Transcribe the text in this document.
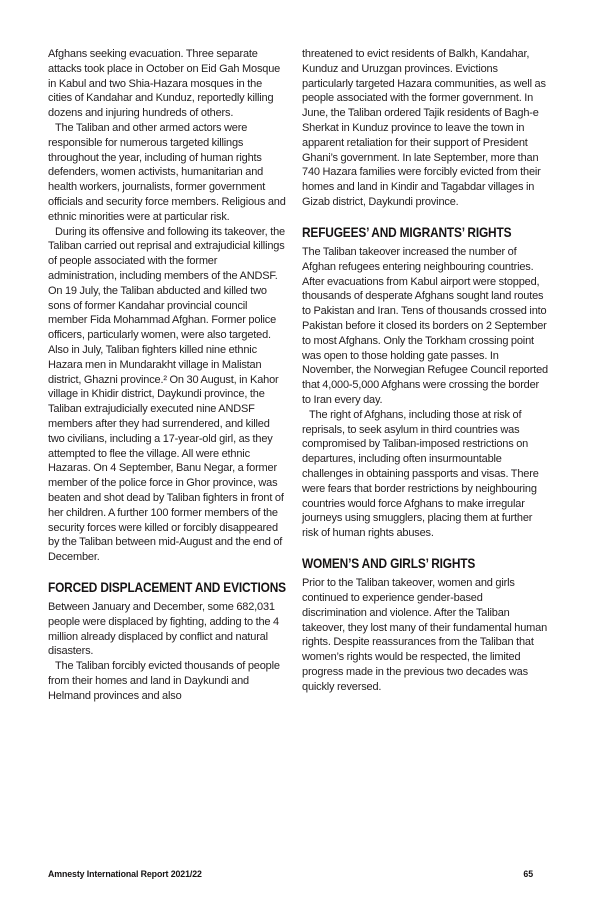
Afghans seeking evacuation. Three separate attacks took place in October on Eid Gah Mosque in Kabul and two Shia-Hazara mosques in the cities of Kandahar and Kunduz, reportedly killing dozens and injuring hundreds of others.

The Taliban and other armed actors were responsible for numerous targeted killings throughout the year, including of human rights defenders, women activists, humanitarian and health workers, journalists, former government officials and security force members. Religious and ethnic minorities were at particular risk.

During its offensive and following its takeover, the Taliban carried out reprisal and extrajudicial killings of people associated with the former administration, including members of the ANDSF. On 19 July, the Taliban abducted and killed two sons of former Kandahar provincial council member Fida Mohammad Afghan. Former police officers, particularly women, were also targeted. Also in July, Taliban fighters killed nine ethnic Hazara men in Mundarakht village in Malistan district, Ghazni province.² On 30 August, in Kahor village in Khidir district, Daykundi province, the Taliban extrajudicially executed nine ANDSF members after they had surrendered, and killed two civilians, including a 17-year-old girl, as they attempted to flee the village. All were ethnic Hazaras. On 4 September, Banu Negar, a former member of the police force in Ghor province, was beaten and shot dead by Taliban fighters in front of her children. A further 100 former members of the security forces were killed or forcibly disappeared by the Taliban between mid-August and the end of December.

FORCED DISPLACEMENT AND EVICTIONS

Between January and December, some 682,031 people were displaced by fighting, adding to the 4 million already displaced by conflict and natural disasters.

The Taliban forcibly evicted thousands of people from their homes and land in Daykundi and Helmand provinces and also

threatened to evict residents of Balkh, Kandahar, Kunduz and Uruzgan provinces. Evictions particularly targeted Hazara communities, as well as people associated with the former government. In June, the Taliban ordered Tajik residents of Bagh-e Sherkat in Kunduz province to leave the town in apparent retaliation for their support of President Ghani’s government. In late September, more than 740 Hazara families were forcibly evicted from their homes and land in Kindir and Tagabdar villages in Gizab district, Daykundi province.

REFUGEES’ AND MIGRANTS’ RIGHTS

The Taliban takeover increased the number of Afghan refugees entering neighbouring countries. After evacuations from Kabul airport were stopped, thousands of desperate Afghans sought land routes to Pakistan and Iran. Tens of thousands crossed into Pakistan before it closed its borders on 2 September to most Afghans. Only the Torkham crossing point was open to those holding gate passes. In November, the Norwegian Refugee Council reported that 4,000-5,000 Afghans were crossing the border to Iran every day.

The right of Afghans, including those at risk of reprisals, to seek asylum in third countries was compromised by Taliban-imposed restrictions on departures, including often insurmountable challenges in obtaining passports and visas. There were fears that border restrictions by neighbouring countries would force Afghans to make irregular journeys using smugglers, placing them at further risk of human rights abuses.

WOMEN’S AND GIRLS’ RIGHTS

Prior to the Taliban takeover, women and girls continued to experience gender-based discrimination and violence. After the Taliban takeover, they lost many of their fundamental human rights. Despite reassurances from the Taliban that women’s rights would be respected, the limited progress made in the previous two decades was quickly reversed.

Amnesty International Report 2021/22	65
